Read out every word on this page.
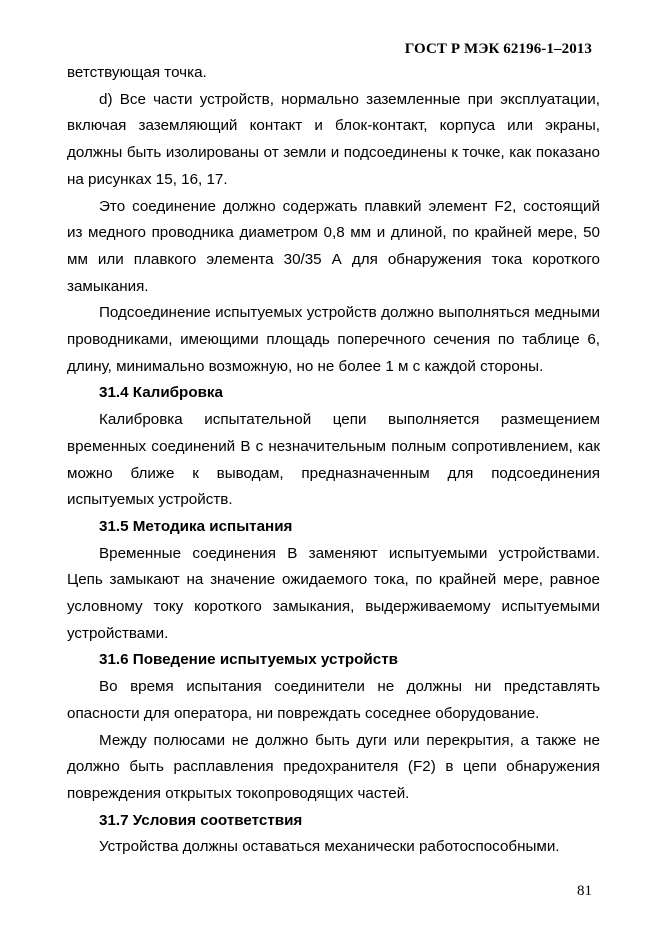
ГОСТ Р МЭК 62196-1–2013

ветствующая точка.

d) Все части устройств, нормально заземленные при эксплуатации, включая заземляющий контакт и блок-контакт, корпуса или экраны, должны быть изолированы от земли и подсоединены к точке, как показано на рисунках 15, 16, 17.

Это соединение должно содержать плавкий элемент F2, состоящий из медного проводника диаметром 0,8 мм и длиной, по крайней мере, 50 мм или плавкого элемента 30/35 А для обнаружения тока короткого замыкания.

Подсоединение испытуемых устройств должно выполняться медными проводниками, имеющими площадь поперечного сечения по таблице 6, длину, минимально возможную, но не более 1 м с каждой стороны.

31.4 Калибровка

Калибровка испытательной цепи выполняется размещением временных соединений В с незначительным полным сопротивлением, как можно ближе к выводам, предназначенным для подсоединения испытуемых устройств.

31.5 Методика испытания

Временные соединения В заменяют испытуемыми устройствами. Цепь замыкают на значение ожидаемого тока, по крайней мере, равное условному току короткого замыкания, выдерживаемому испытуемыми устройствами.

31.6 Поведение испытуемых устройств

Во время испытания соединители не должны ни представлять опасности для оператора, ни повреждать соседнее оборудование.

Между полюсами не должно быть дуги или перекрытия, а также не должно быть расплавления предохранителя (F2) в цепи обнаружения повреждения открытых токопроводящих частей.

31.7 Условия соответствия

Устройства должны оставаться механически работоспособными.

81
